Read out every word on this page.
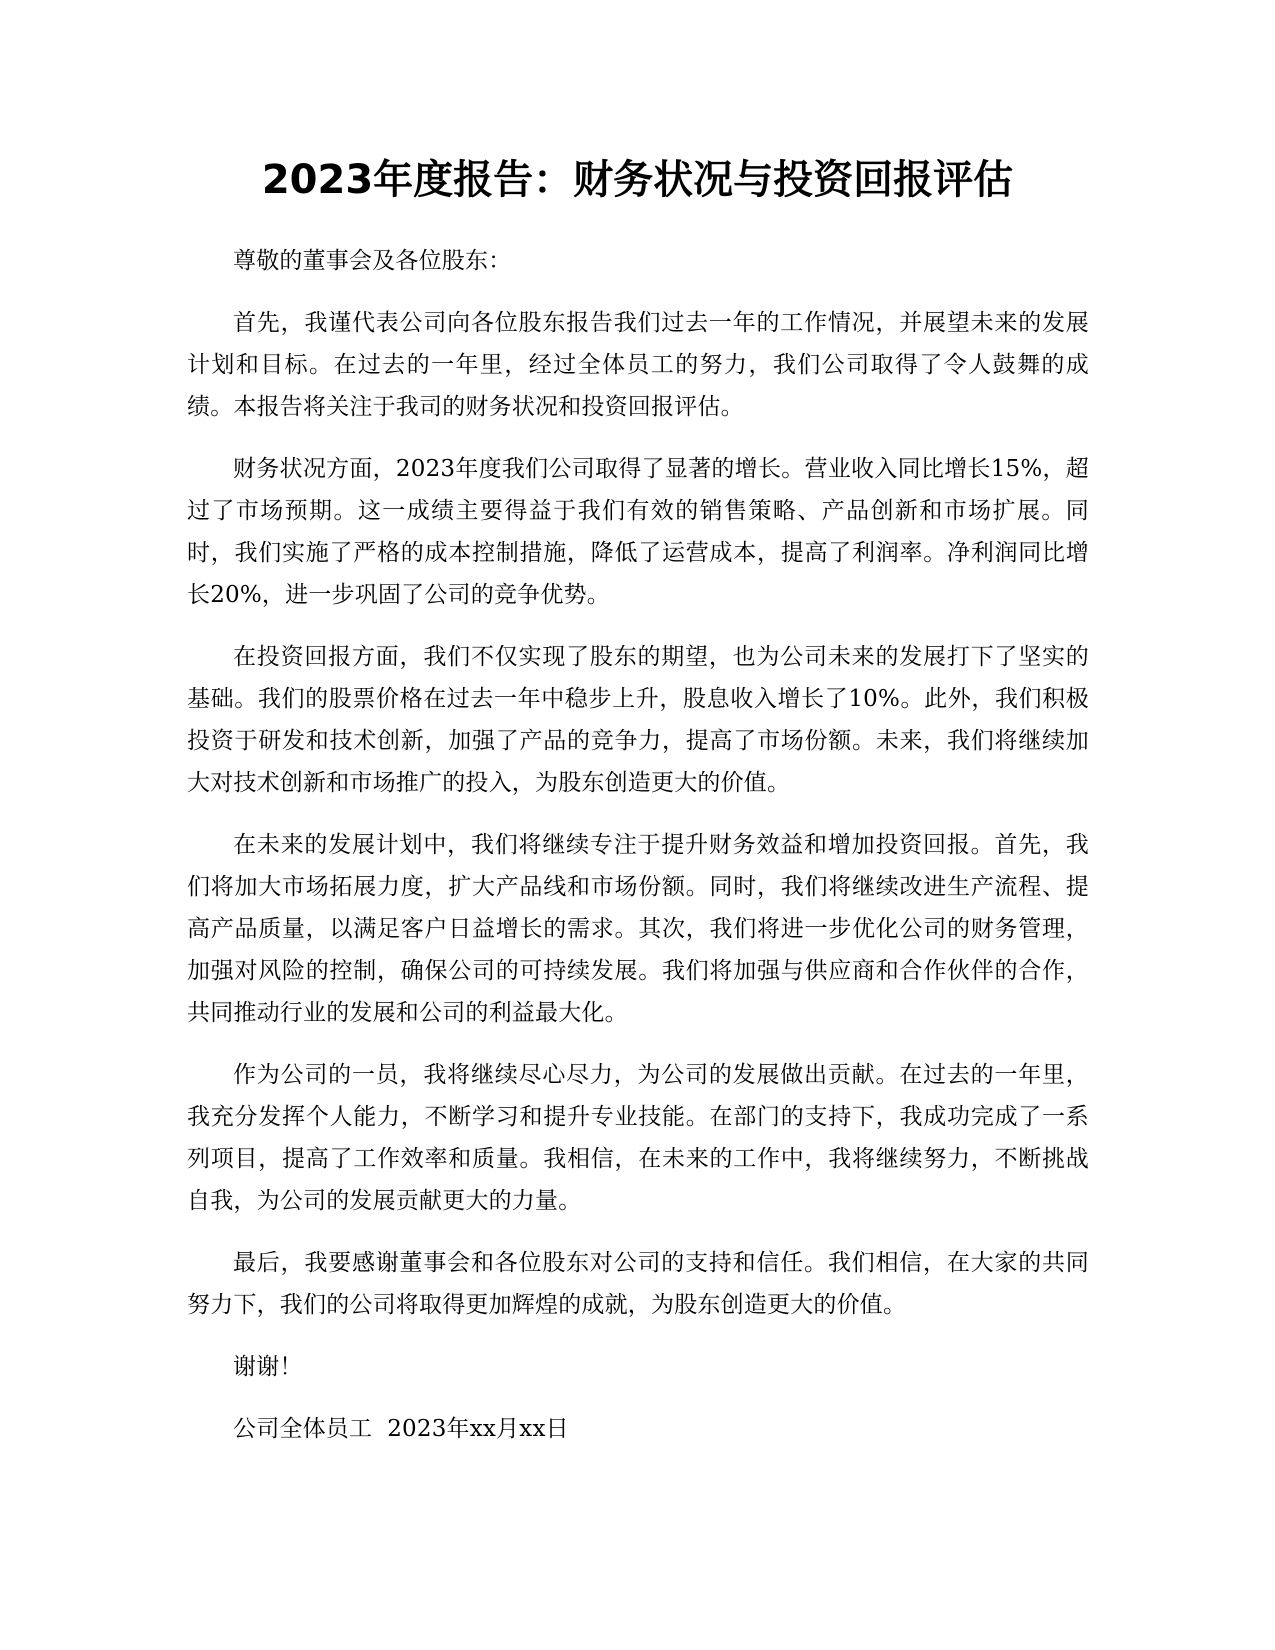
2023年度报告：财务状况与投资回报评估

尊敬的董事会及各位股东：

首先，我谨代表公司向各位股东报告我们过去一年的工作情况，并展望未来的发展计划和目标。在过去的一年里，经过全体员工的努力，我们公司取得了令人鼓舞的成绩。本报告将关注于我司的财务状况和投资回报评估。

财务状况方面，2023年度我们公司取得了显著的增长。营业收入同比增长15%，超过了市场预期。这一成绩主要得益于我们有效的销售策略、产品创新和市场扩展。同时，我们实施了严格的成本控制措施，降低了运营成本，提高了利润率。净利润同比增长20%，进一步巩固了公司的竞争优势。

在投资回报方面，我们不仅实现了股东的期望，也为公司未来的发展打下了坚实的基础。我们的股票价格在过去一年中稳步上升，股息收入增长了10%。此外，我们积极投资于研发和技术创新，加强了产品的竞争力，提高了市场份额。未来，我们将继续加大对技术创新和市场推广的投入，为股东创造更大的价值。

在未来的发展计划中，我们将继续专注于提升财务效益和增加投资回报。首先，我们将加大市场拓展力度，扩大产品线和市场份额。同时，我们将继续改进生产流程、提高产品质量，以满足客户日益增长的需求。其次，我们将进一步优化公司的财务管理，加强对风险的控制，确保公司的可持续发展。我们将加强与供应商和合作伙伴的合作，共同推动行业的发展和公司的利益最大化。

作为公司的一员，我将继续尽心尽力，为公司的发展做出贡献。在过去的一年里，我充分发挥个人能力，不断学习和提升专业技能。在部门的支持下，我成功完成了一系列项目，提高了工作效率和质量。我相信，在未来的工作中，我将继续努力，不断挑战自我，为公司的发展贡献更大的力量。

最后，我要感谢董事会和各位股东对公司的支持和信任。我们相信，在大家的共同努力下，我们的公司将取得更加辉煌的成就，为股东创造更大的价值。

谢谢！

公司全体员工  2023年xx月xx日
